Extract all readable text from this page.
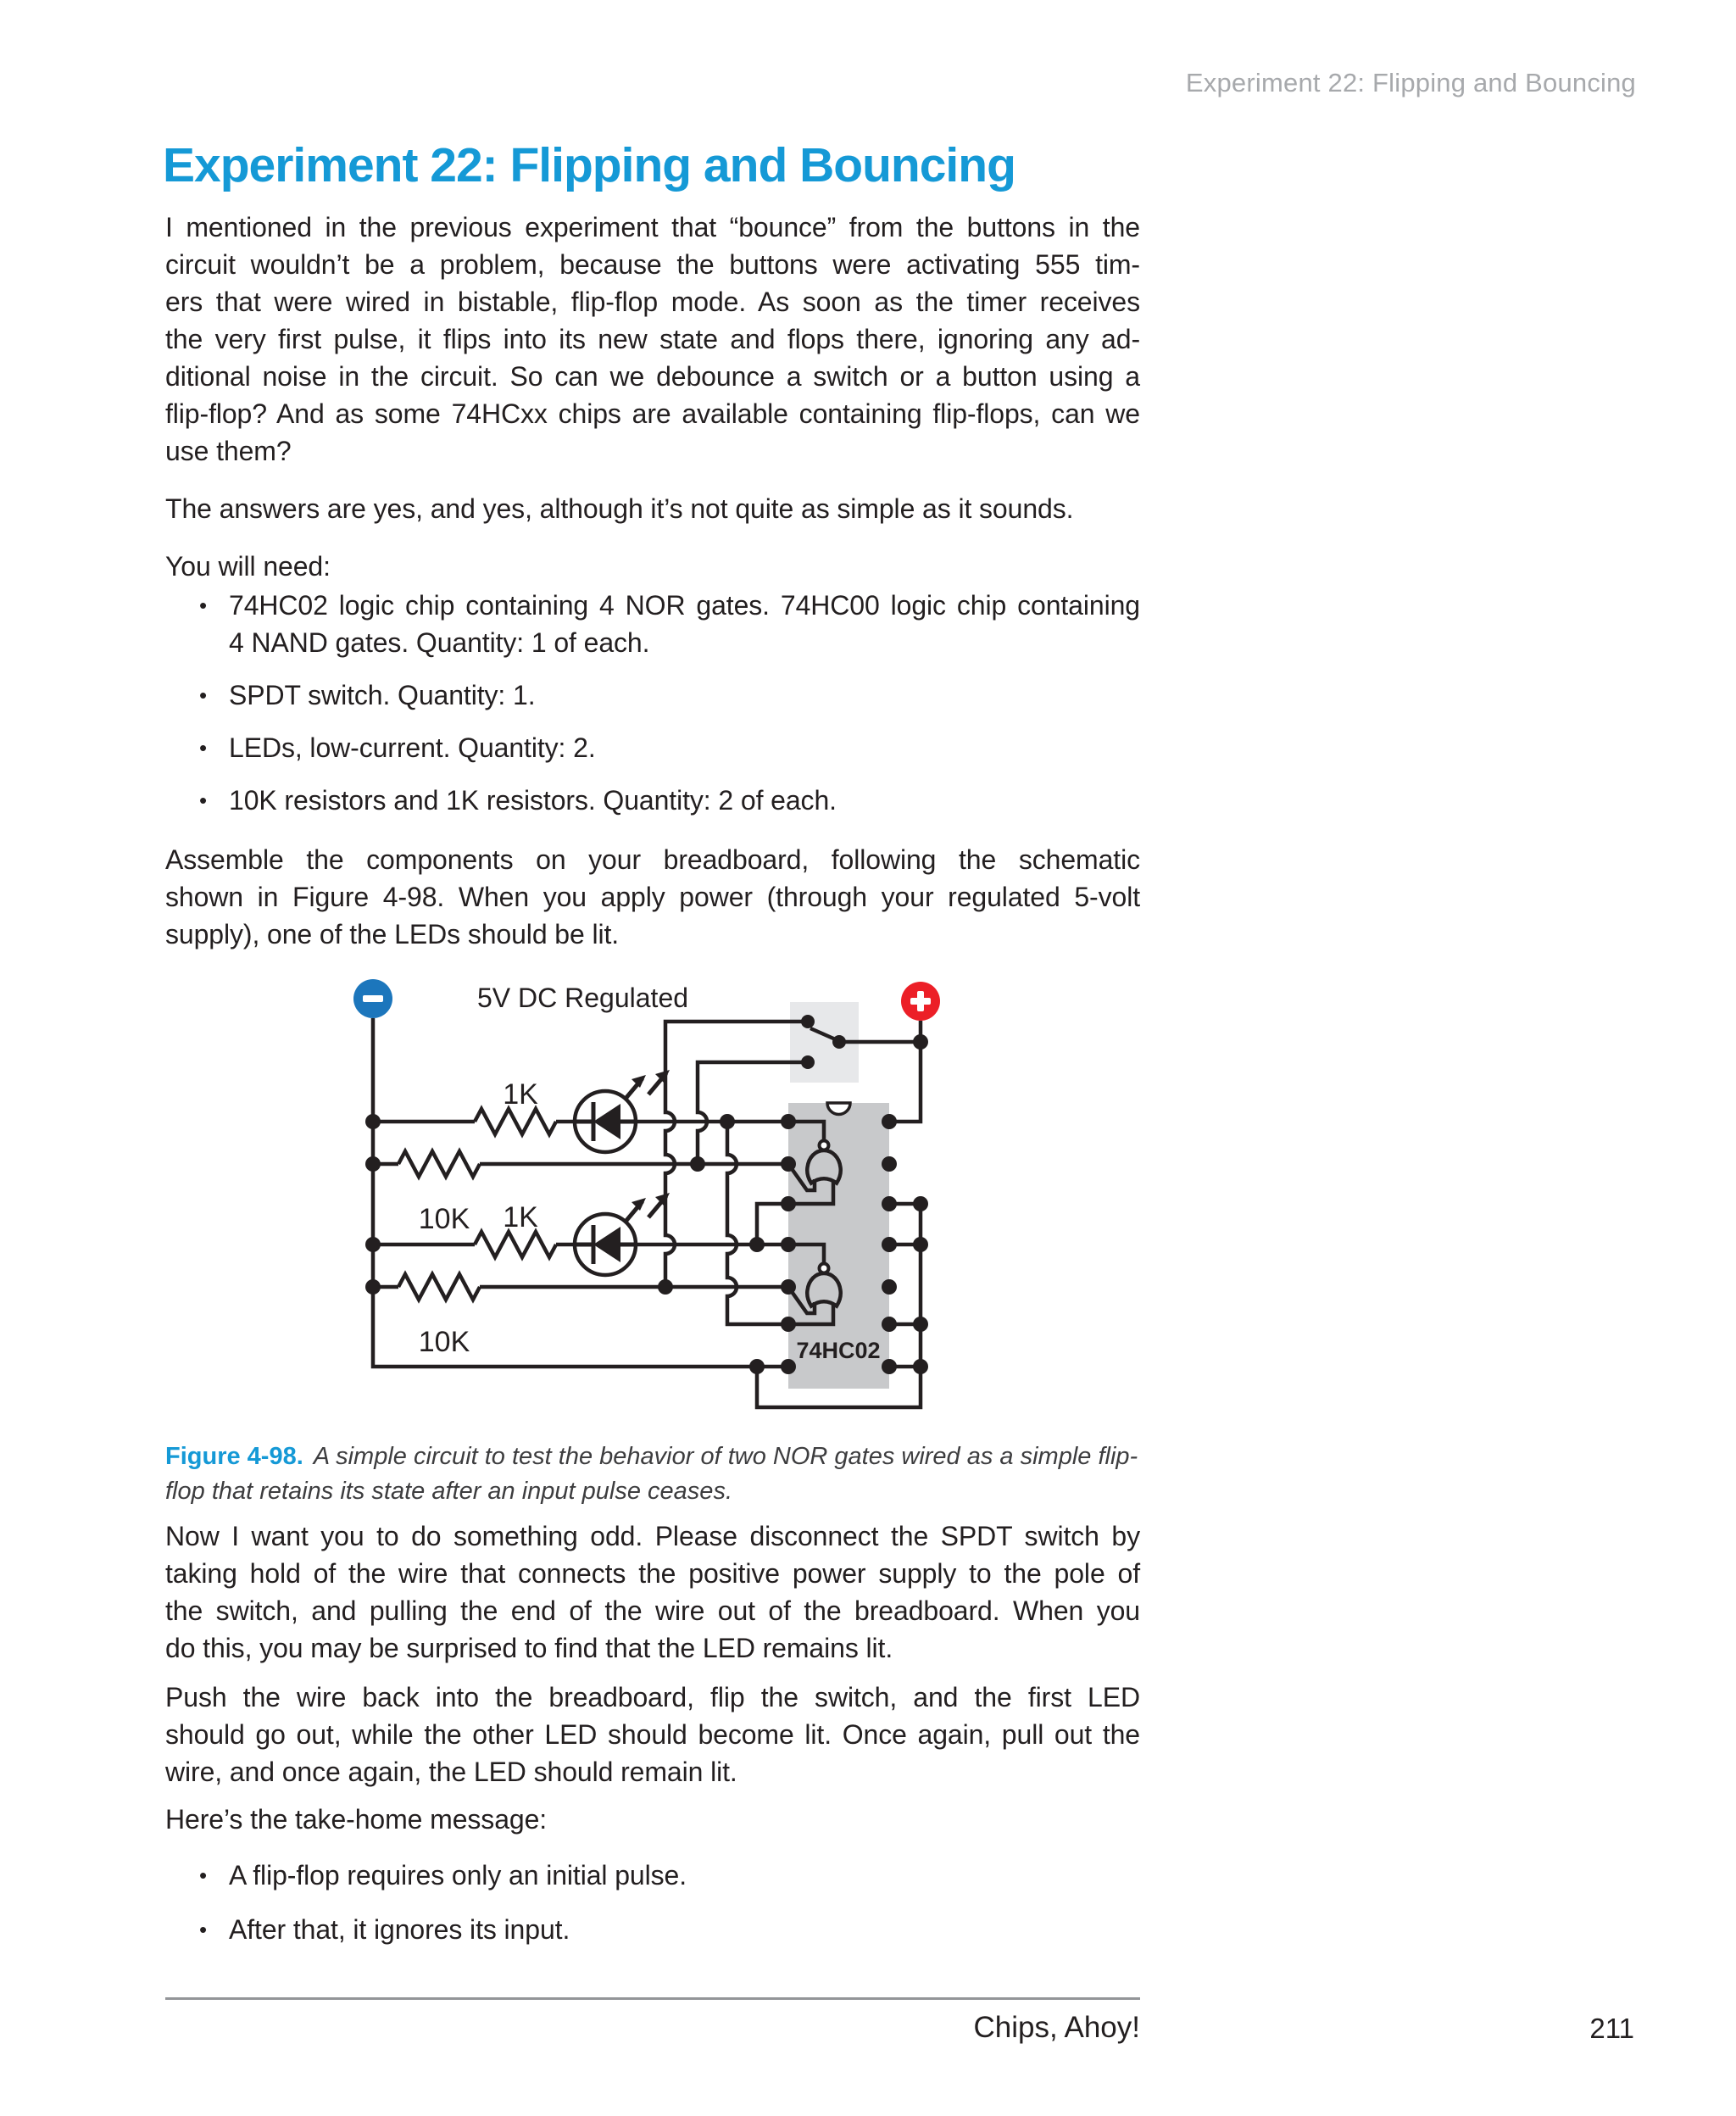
Experiment 22: Flipping and Bouncing
Experiment 22: Flipping and Bouncing
I mentioned in the previous experiment that “bounce” from the buttons in the
circuit wouldn’t be a problem, because the buttons were activating 555 tim-
ers that were wired in bistable, flip-flop mode. As soon as the timer receives
the very first pulse, it flips into its new state and flops there, ignoring any ad-
ditional noise in the circuit. So can we debounce a switch or a button using a
flip-flop? And as some 74HCxx chips are available containing flip-flops, can we
use them?
The answers are yes, and yes, although it’s not quite as simple as it sounds.
You will need:
• 74HC02 logic chip containing 4 NOR gates. 74HC00 logic chip containing
4 NAND gates. Quantity: 1 of each.
• SPDT switch. Quantity: 1.
• LEDs, low-current. Quantity: 2.
• 10K resistors and 1K resistors. Quantity: 2 of each.
Assemble the components on your breadboard, following the schematic
shown in Figure 4-98. When you apply power (through your regulated 5-volt
supply), one of the LEDs should be lit.
5V DC Regulated
1K
10K 1K
10K	74HC02
Figure 4-98. A simple circuit to test the behavior of two NOR gates wired as a simple flip-
flop that retains its state after an input pulse ceases.
Now I want you to do something odd. Please disconnect the SPDT switch by
taking hold of the wire that connects the positive power supply to the pole of
the switch, and pulling the end of the wire out of the breadboard. When you
do this, you may be surprised to find that the LED remains lit.
Push the wire back into the breadboard, flip the switch, and the first LED
should go out, while the other LED should become lit. Once again, pull out the
wire, and once again, the LED should remain lit.
Here’s the take-home message:
• A flip-flop requires only an initial pulse.
• After that, it ignores its input.
Chips, Ahoy!	211
